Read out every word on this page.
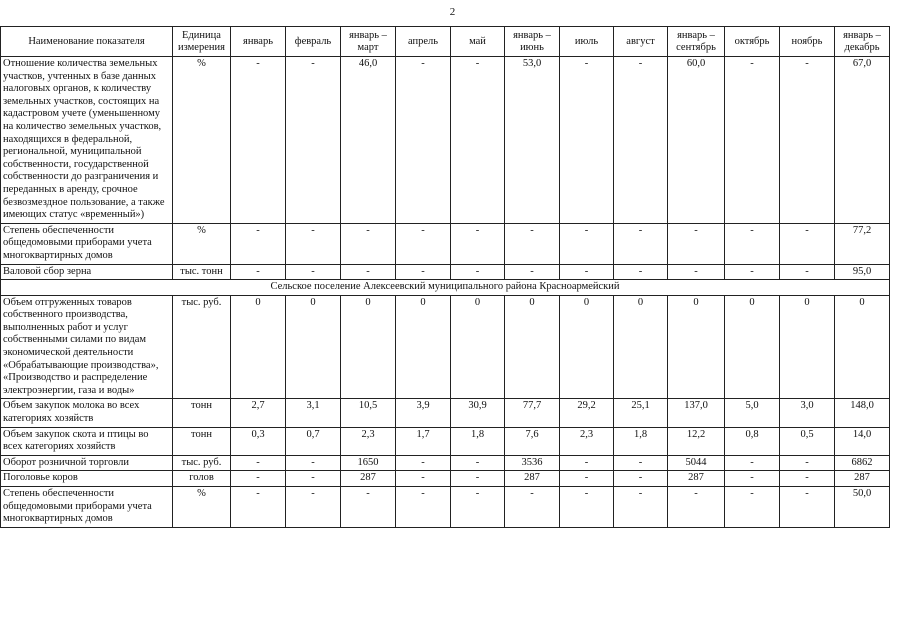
2
Наименование показателя	Единица измерения	январь	февраль	январь – март	апрель	май	январь – июнь	июль	август	январь – сентябрь	октябрь	ноябрь	январь – декабрь
Отношение количества земельных участков, учтенных в базе данных налоговых органов, к количеству земельных участков, состоящих на кадастровом учете (уменьшенному на количество земельных участков, находящихся в федеральной, региональной, муниципальной собственности, государственной собственности до разграничения и переданных в аренду, срочное безвозмездное пользование, а также имеющих статус «временный»)	%	-	-	46,0	-	-	53,0	-	-	60,0	-	-	67,0
Степень обеспеченности общедомовыми приборами учета многоквартирных домов	%	-	-	-	-	-	-	-	-	-	-	-	77,2
Валовой сбор зерна	тыс. тонн	-	-	-	-	-	-	-	-	-	-	-	95,0
Сельское поселение Алексеевский муниципального района Красноармейский													
Объем отгруженных товаров собственного производства, выполненных работ и услуг собственными силами по видам экономической деятельности «Обрабатывающие производства», «Производство и распределение электроэнергии, газа и воды»	тыс. руб.	0	0	0	0	0	0	0	0	0	0	0	0
Объем закупок молока во всех категориях хозяйств	тонн	2,7	3,1	10,5	3,9	30,9	77,7	29,2	25,1	137,0	5,0	3,0	148,0
Объем закупок скота и птицы во всех категориях хозяйств	тонн	0,3	0,7	2,3	1,7	1,8	7,6	2,3	1,8	12,2	0,8	0,5	14,0
Оборот розничной торговли	тыс. руб.	-	-	1650	-	-	3536	-	-	5044	-	-	6862
Поголовье коров	голов	-	-	287	-	-	287	-	-	287	-	-	287
Степень обеспеченности общедомовыми приборами учета многоквартирных домов	%	-	-	-	-	-	-	-	-	-	-	-	50,0
